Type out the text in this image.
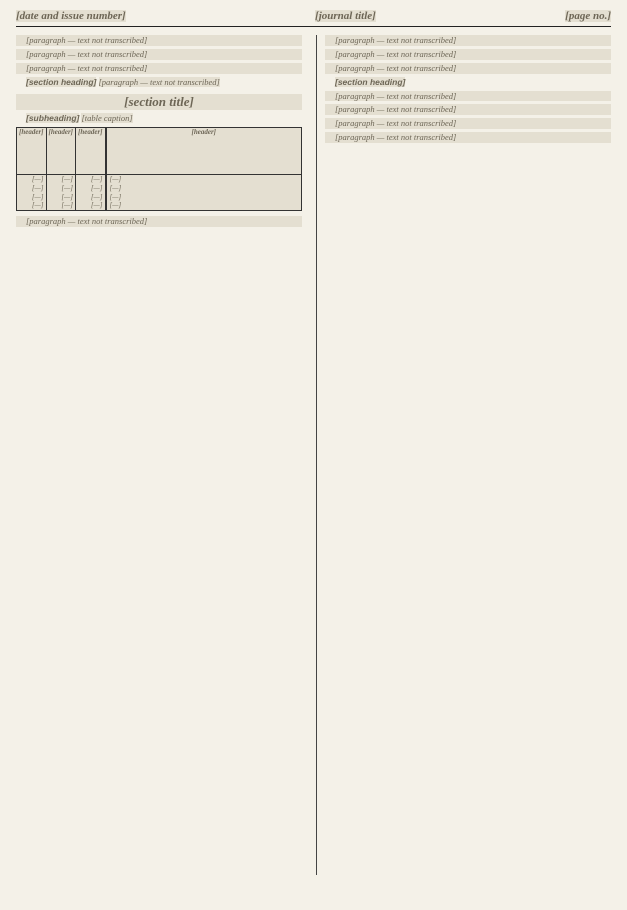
[date and issue number]	[journal title]	[page no.]

[paragraph — text not transcribed]

[paragraph — text not transcribed]

[paragraph — text not transcribed]

[section heading] [paragraph — text not transcribed]

[section title]

[subheading] [table caption]

[header]
[—]
[—]
[—]
[—]
[header]
[—]
[—]
[—]
[—]
[header]
[—]
[—]
[—]
[—]
[header]
[—]
[—]
[—]
[—]

[paragraph — text not transcribed]

[paragraph — text not transcribed]

[paragraph — text not transcribed]

[paragraph — text not transcribed]

[section heading]

[paragraph — text not transcribed]

[paragraph — text not transcribed]

[paragraph — text not transcribed]

[paragraph — text not transcribed]
